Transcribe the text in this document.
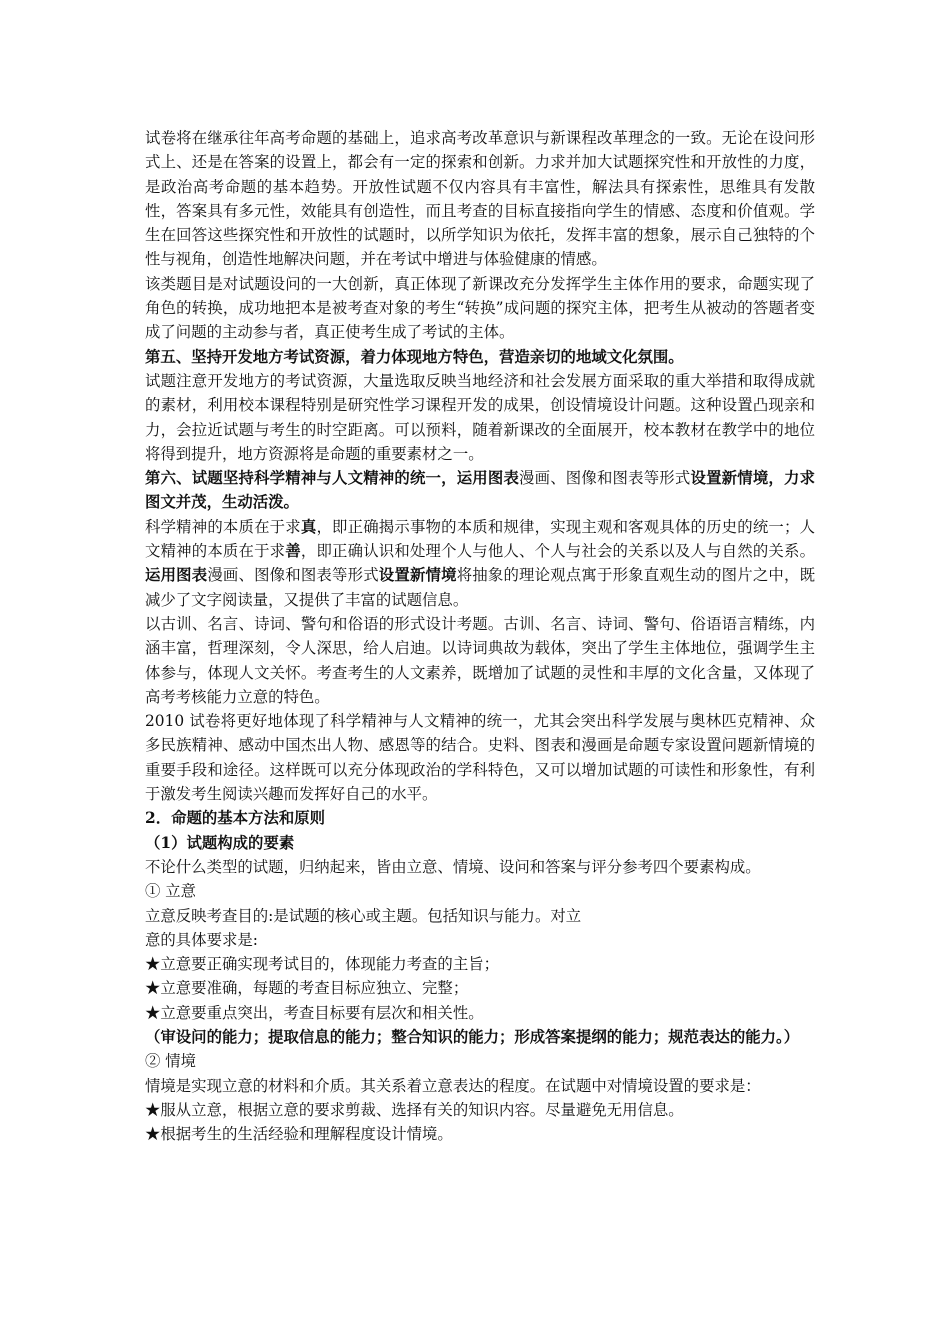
试卷将在继承往年高考命题的基础上，追求高考改革意识与新课程改革理念的一致。无论在设问形式上、还是在答案的设置上，都会有一定的探索和创新。力求并加大试题探究性和开放性的力度，是政治高考命题的基本趋势。开放性试题不仅内容具有丰富性，解法具有探索性，思维具有发散性，答案具有多元性，效能具有创造性，而且考查的目标直接指向学生的情感、态度和价值观。学生在回答这些探究性和开放性的试题时，以所学知识为依托，发挥丰富的想象，展示自己独特的个性与视角，创造性地解决问题，并在考试中增进与体验健康的情感。

该类题目是对试题设问的一大创新，真正体现了新课改充分发挥学生主体作用的要求，命题实现了角色的转换，成功地把本是被考查对象的考生“转换”成问题的探究主体，把考生从被动的答题者变成了问题的主动参与者，真正使考生成了考试的主体。

第五、坚持开发地方考试资源，着力体现地方特色，营造亲切的地域文化氛围。

试题注意开发地方的考试资源，大量选取反映当地经济和社会发展方面采取的重大举措和取得成就的素材，利用校本课程特别是研究性学习课程开发的成果，创设情境设计问题。这种设置凸现亲和力，会拉近试题与考生的时空距离。可以预料，随着新课改的全面展开，校本教材在教学中的地位将得到提升，地方资源将是命题的重要素材之一。

第六、试题坚持科学精神与人文精神的统一，运用图表漫画、图像和图表等形式设置新情境，力求图文并茂，生动活泼。

科学精神的本质在于求真，即正确揭示事物的本质和规律，实现主观和客观具体的历史的统一；人文精神的本质在于求善，即正确认识和处理个人与他人、个人与社会的关系以及人与自然的关系。运用图表漫画、图像和图表等形式设置新情境将抽象的理论观点寓于形象直观生动的图片之中，既减少了文字阅读量，又提供了丰富的试题信息。

以古训、名言、诗词、警句和俗语的形式设计考题。古训、名言、诗词、警句、俗语语言精练，内涵丰富，哲理深刻，令人深思，给人启迪。以诗词典故为载体，突出了学生主体地位，强调学生主体参与，体现人文关怀。考查考生的人文素养，既增加了试题的灵性和丰厚的文化含量，又体现了高考考核能力立意的特色。

2010 试卷将更好地体现了科学精神与人文精神的统一，尤其会突出科学发展与奥林匹克精神、众多民族精神、感动中国杰出人物、感恩等的结合。史料、图表和漫画是命题专家设置问题新情境的重要手段和途径。这样既可以充分体现政治的学科特色，又可以增加试题的可读性和形象性，有利于激发考生阅读兴趣而发挥好自己的水平。

2．命题的基本方法和原则

（1）试题构成的要素

不论什么类型的试题，归纳起来，皆由立意、情境、设问和答案与评分参考四个要素构成。

① 立意

立意反映考查目的:是试题的核心或主题。包括知识与能力。对立

意的具体要求是:

★立意要正确实现考试目的，体现能力考查的主旨；

★立意要准确，每题的考查目标应独立、完整；

★立意要重点突出，考查目标要有层次和相关性。

（审设问的能力；提取信息的能力；整合知识的能力；形成答案提纲的能力；规范表达的能力。）

② 情境

情境是实现立意的材料和介质。其关系着立意表达的程度。在试题中对情境设置的要求是：

★服从立意，根据立意的要求剪裁、选择有关的知识内容。尽量避免无用信息。

★根据考生的生活经验和理解程度设计情境。
